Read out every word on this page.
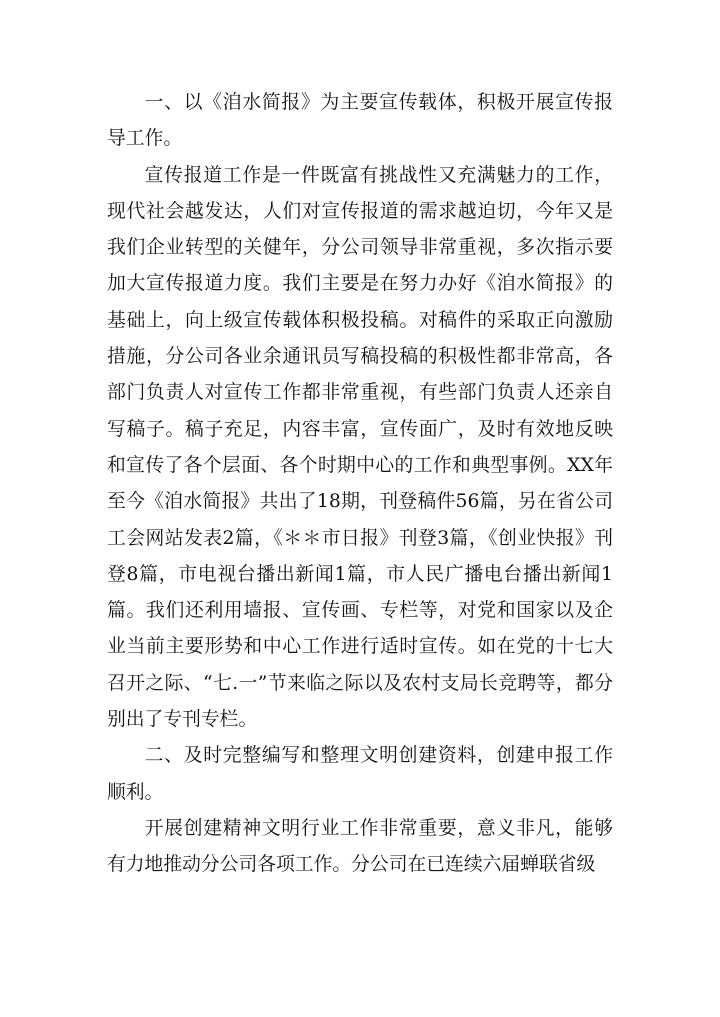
一、以《洎水简报》为主要宣传载体，积极开展宣传报导工作。

宣传报道工作是一件既富有挑战性又充满魅力的工作，现代社会越发达，人们对宣传报道的需求越迫切，今年又是我们企业转型的关健年，分公司领导非常重视，多次指示要加大宣传报道力度。我们主要是在努力办好《洎水简报》的基础上，向上级宣传载体积极投稿。对稿件的采取正向激励措施，分公司各业余通讯员写稿投稿的积极性都非常高，各部门负责人对宣传工作都非常重视，有些部门负责人还亲自写稿子。稿子充足，内容丰富，宣传面广，及时有效地反映和宣传了各个层面、各个时期中心的工作和典型事例。XX年至今《洎水简报》共出了18期，刊登稿件56篇，另在省公司工会网站发表2篇，《＊＊市日报》刊登3篇，《创业快报》刊登8篇，市电视台播出新闻1篇，市人民广播电台播出新闻1篇。我们还利用墙报、宣传画、专栏等，对党和国家以及企业当前主要形势和中心工作进行适时宣传。如在党的十七大召开之际、“七.一”节来临之际以及农村支局长竞聘等，都分别出了专刊专栏。

二、及时完整编写和整理文明创建资料，创建申报工作顺利。

开展创建精神文明行业工作非常重要，意义非凡，能够有力地推动分公司各项工作。分公司在已连续六届蝉联省级
